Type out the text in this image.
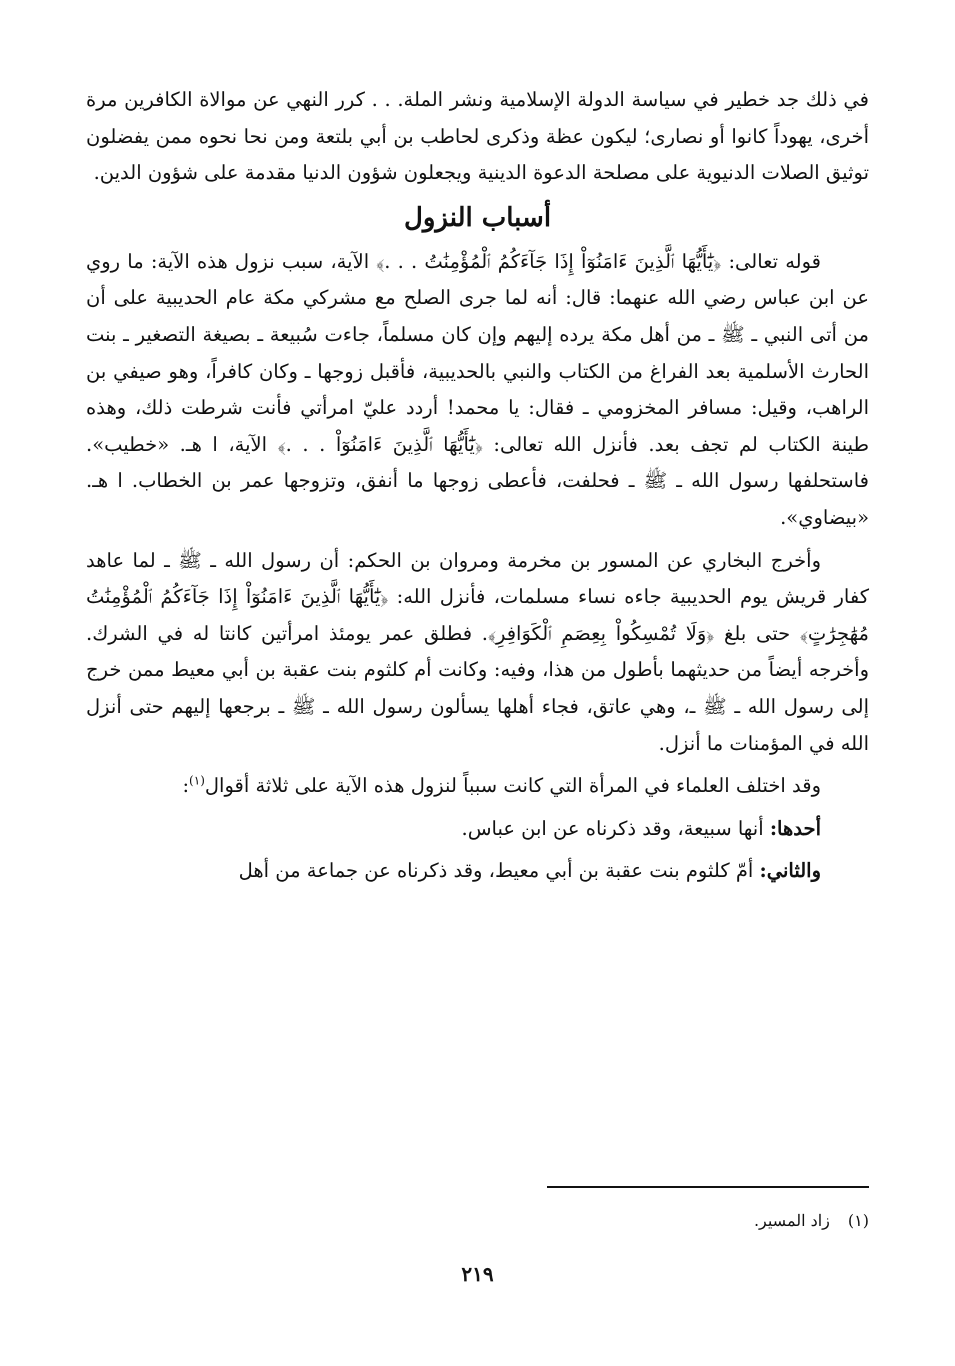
في ذلك جد خطير في سياسة الدولة الإسلامية ونشر الملة. . . كرر النهي عن موالاة الكافرين مرة أخرى، يهوداً كانوا أو نصارى؛ ليكون عظة وذكرى لحاطب بن أبي بلتعة ومن نحا نحوه ممن يفضلون توثيق الصلات الدنيوية على مصلحة الدعوة الدينية ويجعلون شؤون الدنيا مقدمة على شؤون الدين.

أسباب النزول

قوله تعالى: ﴿يَٰٓأَيُّهَا ٱلَّذِينَ ءَامَنُوٓاْ إِذَا جَآءَكُمُ ٱلْمُؤْمِنَٰتُ . . .﴾ الآية، سبب نزول هذه الآية: ما روي عن ابن عباس رضي الله عنهما: قال: أنه لما جرى الصلح مع مشركي مكة عام الحديبية على أن من أتى النبي ـ ﷺ ـ من أهل مكة يرده إليهم وإن كان مسلماً، جاءت سُبيعة ـ بصيغة التصغير ـ بنت الحارث الأسلمية بعد الفراغ من الكتاب والنبي بالحديبية، فأقبل زوجها ـ وكان كافراً، وهو صيفي بن الراهب، وقيل: مسافر المخزومي ـ فقال: يا محمد! أردد عليّ امرأتي فأنت شرطت ذلك، وهذه طينة الكتاب لم تجف بعد. فأنزل الله تعالى: ﴿يَٰٓأَيُّهَا ٱلَّذِينَ ءَامَنُوٓاْ . . .﴾ الآية، ا هـ. «خطيب». فاستحلفها رسول الله ـ ﷺ ـ فحلفت، فأعطى زوجها ما أنفق، وتزوجها عمر بن الخطاب. ا هـ. «بيضاوي».

وأخرج البخاري عن المسور بن مخرمة ومروان بن الحكم: أن رسول الله ـ ﷺ ـ لما عاهد كفار قريش يوم الحديبية جاءه نساء مسلمات، فأنزل الله: ﴿يَٰٓأَيُّهَا ٱلَّذِينَ ءَامَنُوٓاْ إِذَا جَآءَكُمُ ٱلْمُؤْمِنَٰتُ مُهَٰجِرَٰتٍ﴾ حتى بلغ ﴿وَلَا تُمْسِكُواْ بِعِصَمِ ٱلْكَوَافِرِ﴾. فطلق عمر يومئذ امرأتين كانتا له في الشرك. وأخرجه أيضاً من حديثهما بأطول من هذا، وفيه: وكانت أم كلثوم بنت عقبة بن أبي معيط ممن خرج إلى رسول الله ـ ﷺ ـ، وهي عاتق، فجاء أهلها يسألون رسول الله ـ ﷺ ـ برجعها إليهم حتى أنزل الله في المؤمنات ما أنزل.

وقد اختلف العلماء في المرأة التي كانت سبباً لنزول هذه الآية على ثلاثة أقوال$^{(١)}$:

أحدها: أنها سبيعة، وقد ذكرناه عن ابن عباس.

والثاني: أمّ كلثوم بنت عقبة بن أبي معيط، وقد ذكرناه عن جماعة من أهل

(١)زاد المسير.
٢١٩
